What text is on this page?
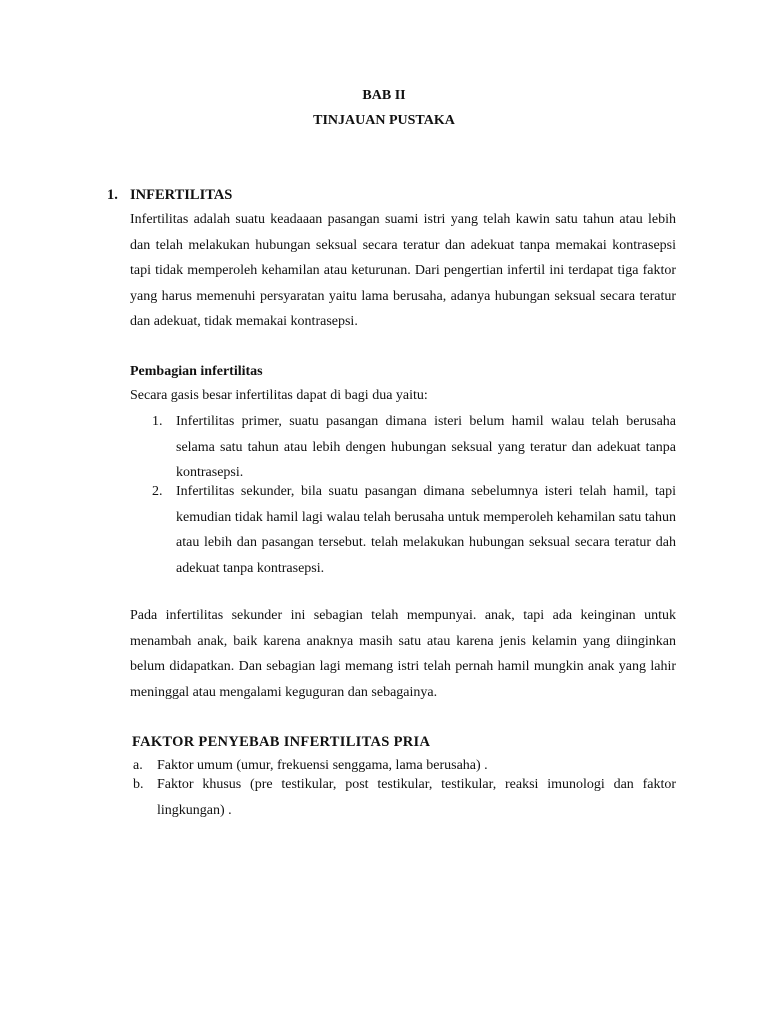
BAB II
TINJAUAN PUSTAKA
1. INFERTILITAS
Infertilitas adalah suatu keadaaan pasangan suami istri yang telah kawin satu tahun atau lebih dan telah melakukan hubungan seksual secara teratur dan adekuat tanpa memakai kontrasepsi tapi tidak memperoleh kehamilan atau keturunan. Dari pengertian infertil ini terdapat tiga faktor yang harus memenuhi persyaratan yaitu lama berusaha, adanya hubungan seksual secara teratur dan adekuat, tidak memakai kontrasepsi.
Pembagian infertilitas
Secara gasis besar infertilitas dapat di bagi dua yaitu:
1. Infertilitas primer, suatu pasangan dimana isteri belum hamil walau telah berusaha selama satu tahun atau lebih dengen hubungan seksual yang teratur dan adekuat tanpa kontrasepsi.
2. Infertilitas sekunder, bila suatu pasangan dimana sebelumnya isteri telah hamil, tapi kemudian tidak hamil lagi walau telah berusaha untuk memperoleh kehamilan satu tahun atau lebih dan pasangan tersebut. telah melakukan hubungan seksual secara teratur dah adekuat tanpa kontrasepsi.
Pada infertilitas sekunder ini sebagian telah mempunyai. anak, tapi ada keinginan untuk menambah anak, baik karena anaknya masih satu atau karena jenis kelamin yang diinginkan belum didapatkan. Dan sebagian lagi memang istri telah pernah hamil mungkin anak yang lahir meninggal atau mengalami keguguran dan sebagainya.
FAKTOR PENYEBAB INFERTILITAS PRIA
a. Faktor umum (umur, frekuensi senggama, lama berusaha) .
b. Faktor khusus (pre testikular, post testikular, testikular, reaksi imunologi dan faktor lingkungan) .
